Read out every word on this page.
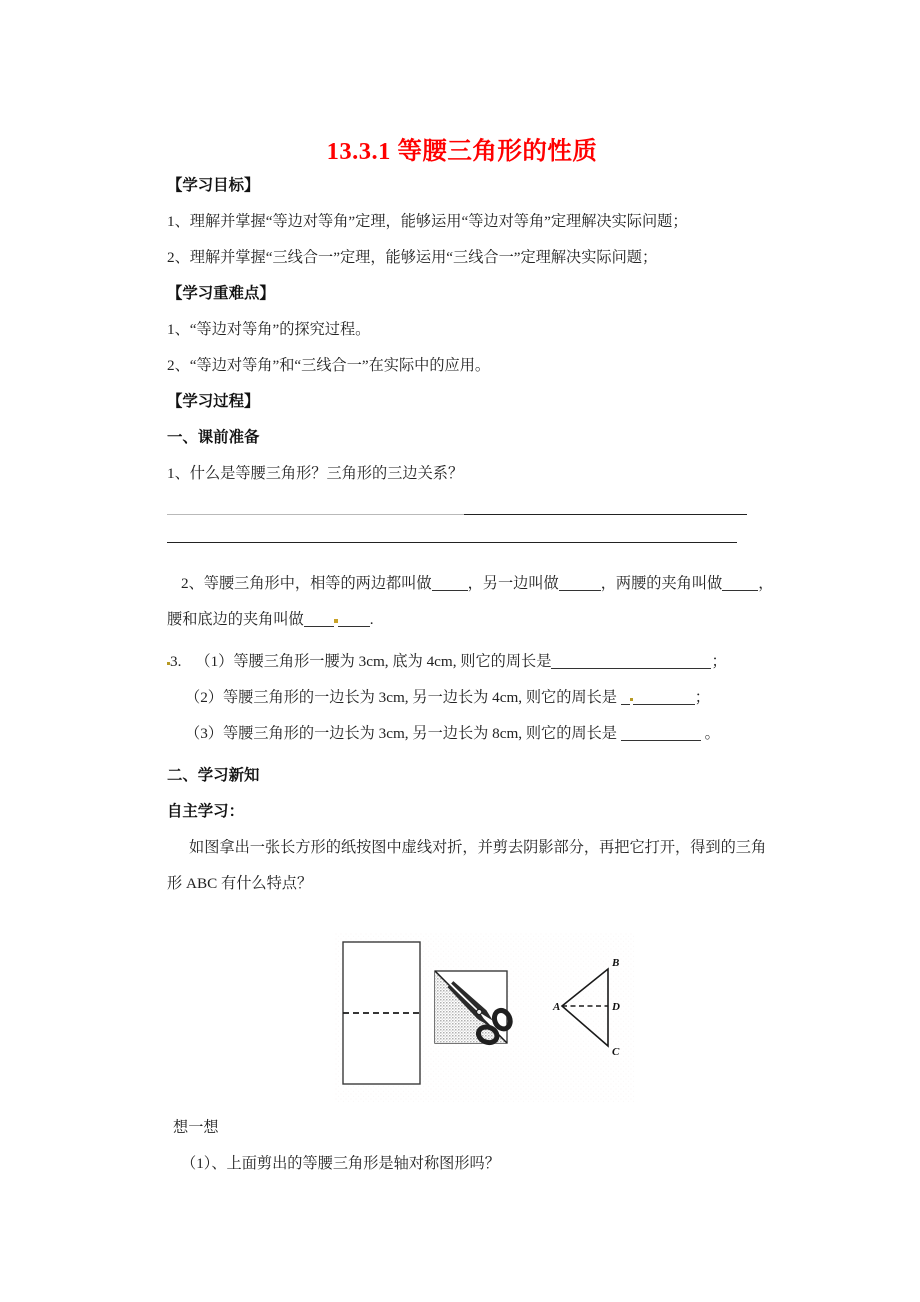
13.3.1 等腰三角形的性质
【学习目标】
1、理解并掌握“等边对等角”定理，能够运用“等边对等角”定理解决实际问题；
2、理解并掌握“三线合一”定理，能够运用“三线合一”定理解决实际问题；
【学习重难点】
1、“等边对等角”的探究过程。
2、“等边对等角”和“三线合一”在实际中的应用。
【学习过程】
一、课前准备
1、什么是等腰三角形？三角形的三边关系？
2、等腰三角形中，相等的两边都叫做 ，另一边叫做	，两腰的夹角叫做 ，
腰和底边的夹角叫做	.
3. （1）等腰三角形一腰为 3cm, 底为 4cm, 则它的周长是	；
（2）等腰三角形的一边长为 3cm, 另一边长为 4cm, 则它的周长是	；
（3）等腰三角形的一边长为 3cm, 另一边长为 8cm, 则它的周长是	。
二、学习新知
自主学习：
如图拿出一张长方形的纸按图中虚线对折，并剪去阴影部分，再把它打开，得到的三角
形 ABC 有什么特点？
A
B
D
C
想一想
（1）、上面剪出的等腰三角形是轴对称图形吗？
